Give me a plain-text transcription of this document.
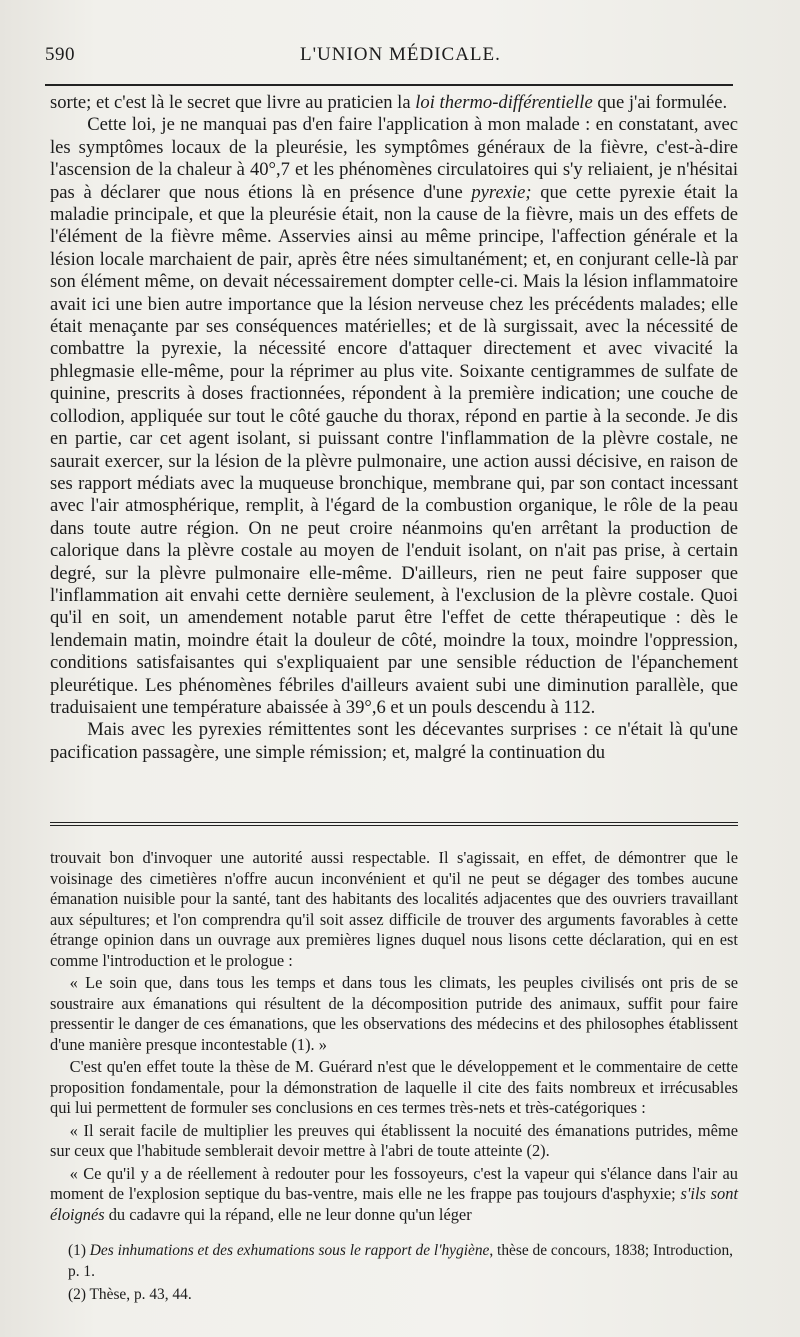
590	L'UNION MÉDICALE.

sorte; et c'est là le secret que livre au praticien la loi thermo-différentielle que j'ai formulée.

Cette loi, je ne manquai pas d'en faire l'application à mon malade : en constatant, avec les symptômes locaux de la pleurésie, les symptômes généraux de la fièvre, c'est-à-dire l'ascension de la chaleur à 40°,7 et les phénomènes circulatoires qui s'y reliaient, je n'hésitai pas à déclarer que nous étions là en présence d'une pyrexie; que cette pyrexie était la maladie principale, et que la pleurésie était, non la cause de la fièvre, mais un des effets de l'élément de la fièvre même. Asservies ainsi au même principe, l'affection générale et la lésion locale marchaient de pair, après être nées simultanément; et, en conjurant celle-là par son élément même, on devait nécessairement dompter celle-ci. Mais la lésion inflammatoire avait ici une bien autre importance que la lésion nerveuse chez les précédents malades; elle était menaçante par ses conséquences matérielles; et de là surgissait, avec la nécessité de combattre la pyrexie, la nécessité encore d'attaquer directement et avec vivacité la phlegmasie elle-même, pour la réprimer au plus vite. Soixante centigrammes de sulfate de quinine, prescrits à doses fractionnées, répondent à la première indication; une couche de collodion, appliquée sur tout le côté gauche du thorax, répond en partie à la seconde. Je dis en partie, car cet agent isolant, si puissant contre l'inflammation de la plèvre costale, ne saurait exercer, sur la lésion de la plèvre pulmonaire, une action aussi décisive, en raison de ses rapport médiats avec la muqueuse bronchique, membrane qui, par son contact incessant avec l'air atmosphérique, remplit, à l'égard de la combustion organique, le rôle de la peau dans toute autre région. On ne peut croire néanmoins qu'en arrêtant la production de calorique dans la plèvre costale au moyen de l'enduit isolant, on n'ait pas prise, à certain degré, sur la plèvre pulmonaire elle-même. D'ailleurs, rien ne peut faire supposer que l'inflammation ait envahi cette dernière seulement, à l'exclusion de la plèvre costale. Quoi qu'il en soit, un amendement notable parut être l'effet de cette thérapeutique : dès le lendemain matin, moindre était la douleur de côté, moindre la toux, moindre l'oppression, conditions satisfaisantes qui s'expliquaient par une sensible réduction de l'épanchement pleurétique. Les phénomènes fébriles d'ailleurs avaient subi une diminution parallèle, que traduisaient une température abaissée à 39°,6 et un pouls descendu à 112.

Mais avec les pyrexies rémittentes sont les décevantes surprises : ce n'était là qu'une pacification passagère, une simple rémission; et, malgré la continuation du

trouvait bon d'invoquer une autorité aussi respectable. Il s'agissait, en effet, de démontrer que le voisinage des cimetières n'offre aucun inconvénient et qu'il ne peut se dégager des tombes aucune émanation nuisible pour la santé, tant des habitants des localités adjacentes que des ouvriers travaillant aux sépultures; et l'on comprendra qu'il soit assez difficile de trouver des arguments favorables à cette étrange opinion dans un ouvrage aux premières lignes duquel nous lisons cette déclaration, qui en est comme l'introduction et le prologue :

« Le soin que, dans tous les temps et dans tous les climats, les peuples civilisés ont pris de se soustraire aux émanations qui résultent de la décomposition putride des animaux, suffit pour faire pressentir le danger de ces émanations, que les observations des médecins et des philosophes établissent d'une manière presque incontestable (1). »

C'est qu'en effet toute la thèse de M. Guérard n'est que le développement et le commentaire de cette proposition fondamentale, pour la démonstration de laquelle il cite des faits nombreux et irrécusables qui lui permettent de formuler ses conclusions en ces termes très-nets et très-catégoriques :

« Il serait facile de multiplier les preuves qui établissent la nocuité des émanations putrides, même sur ceux que l'habitude semblerait devoir mettre à l'abri de toute atteinte (2).

« Ce qu'il y a de réellement à redouter pour les fossoyeurs, c'est la vapeur qui s'élance dans l'air au moment de l'explosion septique du bas-ventre, mais elle ne les frappe pas toujours d'asphyxie; s'ils sont éloignés du cadavre qui la répand, elle ne leur donne qu'un léger

(1) Des inhumations et des exhumations sous le rapport de l'hygiène, thèse de concours, 1838; Introduction, p. 1.

(2) Thèse, p. 43, 44.
